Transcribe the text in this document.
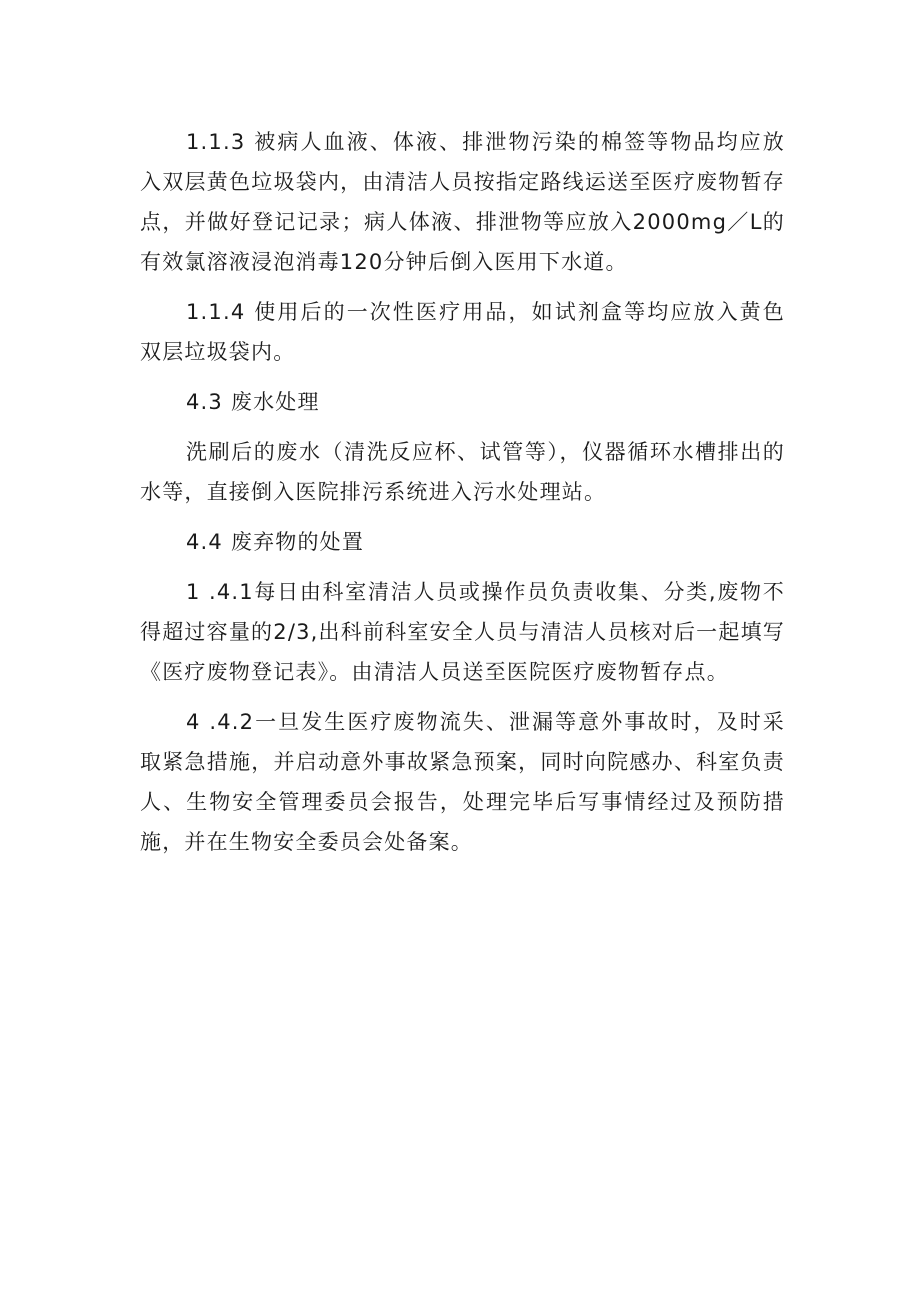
1.1.3 被病人血液、体液、排泄物污染的棉签等物品均应放入双层黄色垃圾袋内，由清洁人员按指定路线运送至医疗废物暂存点，并做好登记记录；病人体液、排泄物等应放入2000mg／L的有效氯溶液浸泡消毒120分钟后倒入医用下水道。

1.1.4 使用后的一次性医疗用品，如试剂盒等均应放入黄色双层垃圾袋内。

4.3 废水处理

洗刷后的废水（清洗反应杯、试管等），仪器循环水槽排出的水等，直接倒入医院排污系统进入污水处理站。

4.4 废弃物的处置

1 .4.1每日由科室清洁人员或操作员负责收集、分类,废物不得超过容量的2/3,出科前科室安全人员与清洁人员核对后一起填写《医疗废物登记表》。由清洁人员送至医院医疗废物暂存点。

4 .4.2一旦发生医疗废物流失、泄漏等意外事故时，及时采取紧急措施，并启动意外事故紧急预案，同时向院感办、科室负责人、生物安全管理委员会报告，处理完毕后写事情经过及预防措施，并在生物安全委员会处备案。
